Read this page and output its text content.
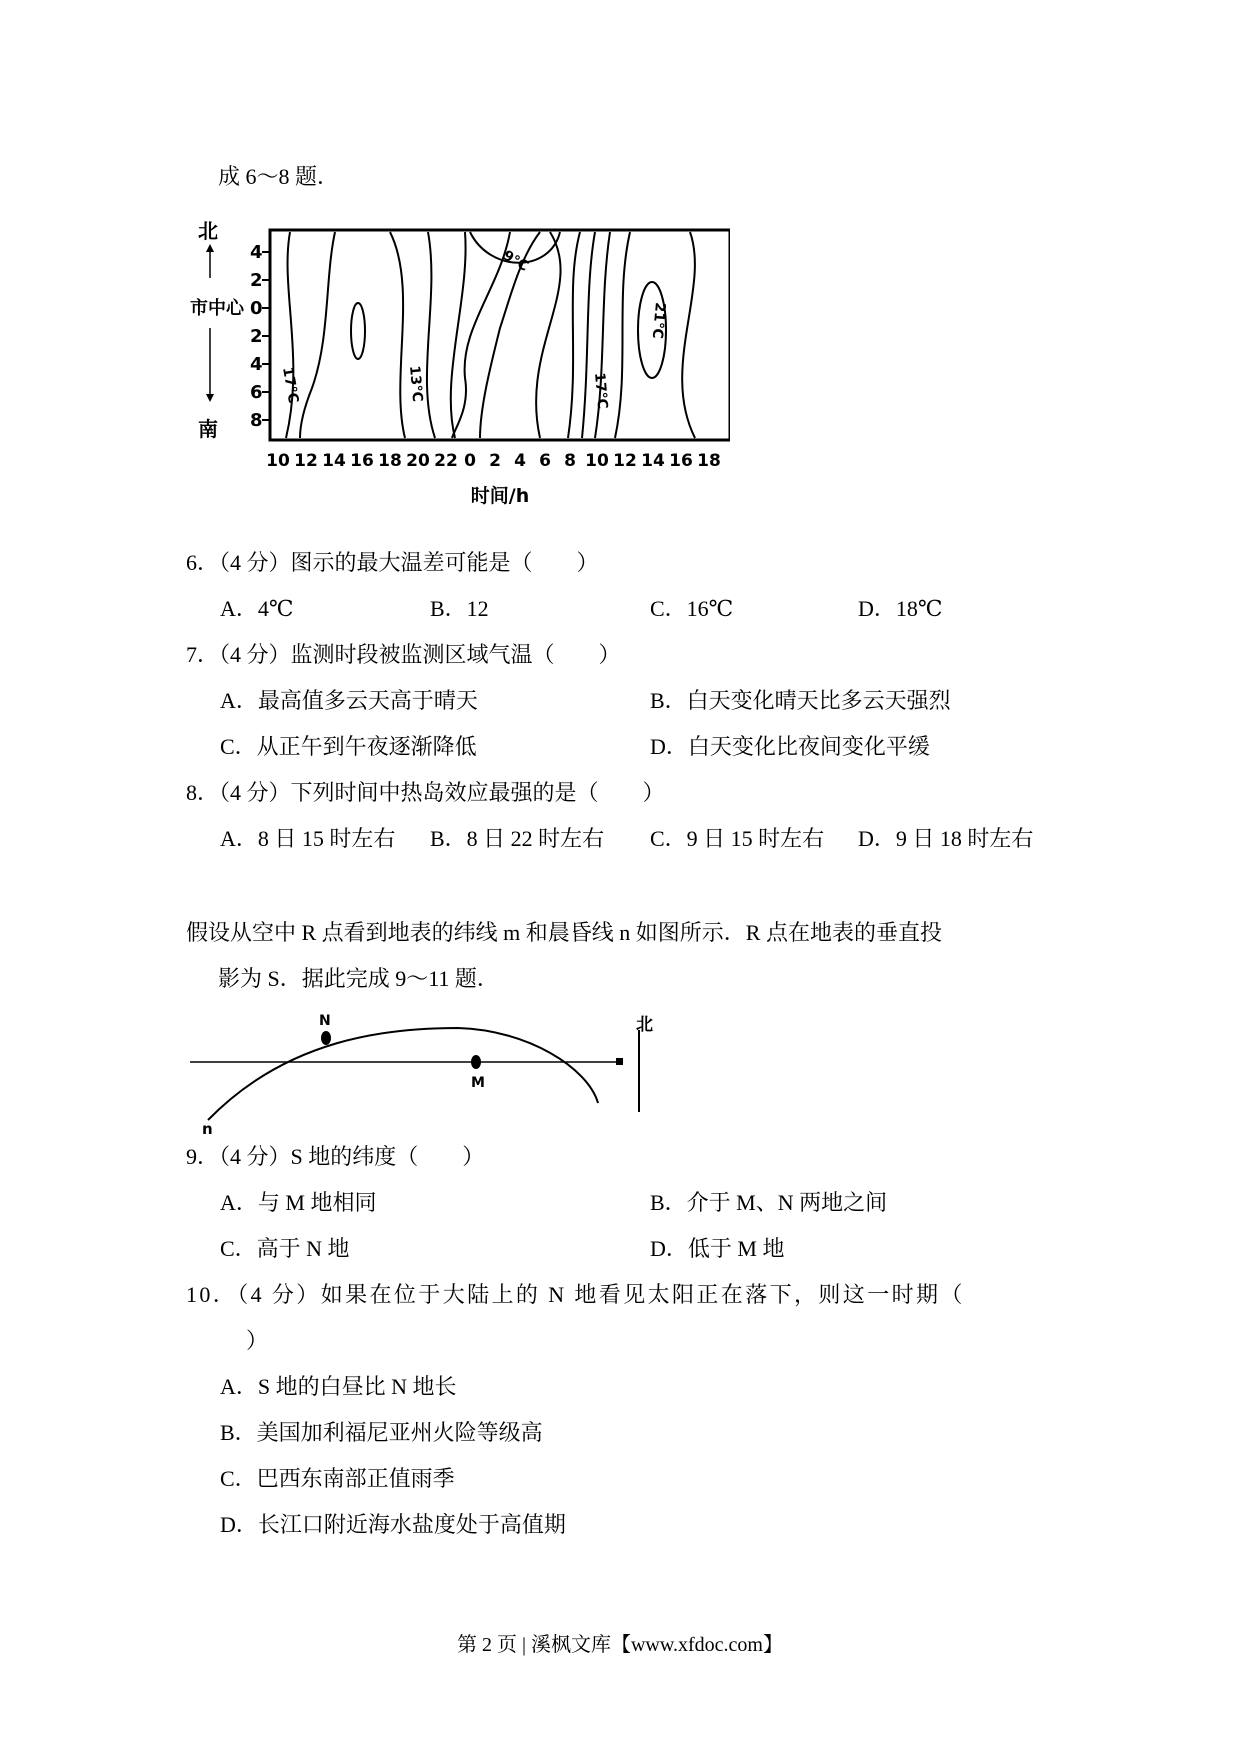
成 6～8 题．
北
市中心
南
4
2
0
2
4
6
8
9℃
17℃	13℃	17℃
21℃
10 12 14 16 18 20 22 0 2 4 6 8 10 12 14 16 18
时间/h
6．（4 分）图示的最大温差可能是（　　）
A．4℃	B．12	C．16℃	D．18℃
7．（4 分）监测时段被监测区域气温（　　）
A．最高值多云天高于晴天	B．白天变化晴天比多云天强烈
C．从正午到午夜逐渐降低	D．白天变化比夜间变化平缓
8．（4 分）下列时间中热岛效应最强的是（　　）
A．8 日 15 时左右 B．8 日 22 时左右 C．9 日 15 时左右 D．9 日 18 时左右
假设从空中 R 点看到地表的纬线 m 和晨昏线 n 如图所示．R 点在地表的垂直投
影为 S．据此完成 9～11 题．
N
M
n
北
9．（4 分）S 地的纬度（　　）
A．与 M 地相同	B．介于 M、N 两地之间
C．高于 N 地	D．低于 M 地
10．（4 分）如果在位于大陆上的 N 地看见太阳正在落下，则这一时期（
）
A．S 地的白昼比 N 地长
B．美国加利福尼亚州火险等级高
C．巴西东南部正值雨季
D．长江口附近海水盐度处于高值期
第 2 页 | 溪枫文库【www.xfdoc.com】
